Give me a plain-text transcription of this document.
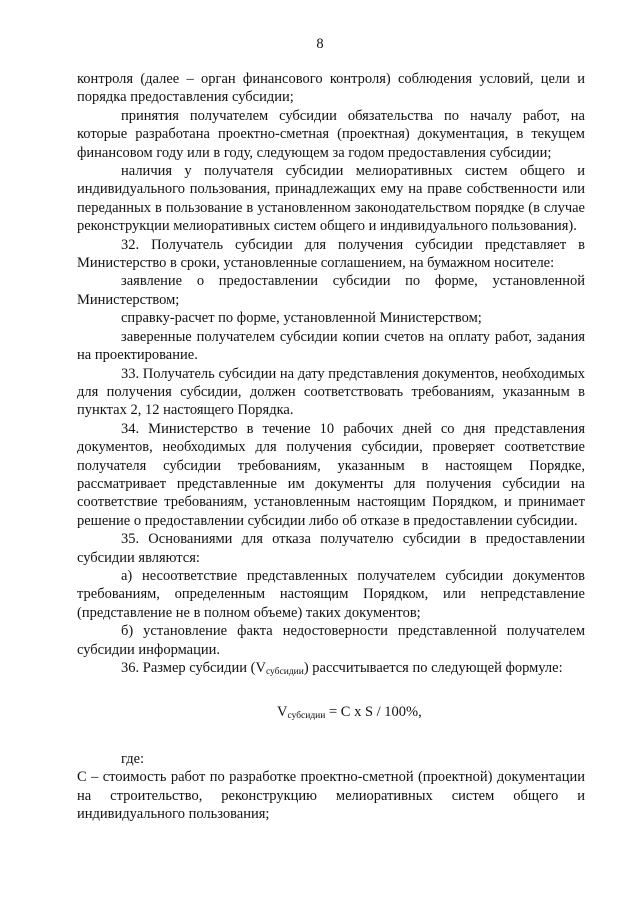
8

контроля (далее – орган финансового контроля) соблюдения условий, цели и порядка предоставления субсидии;

принятия получателем субсидии обязательства по началу работ, на которые разработана проектно-сметная (проектная) документация, в текущем финансовом году или в году, следующем за годом предоставления субсидии;

наличия у получателя субсидии мелиоративных систем общего и индивидуального пользования, принадлежащих ему на праве собственности или переданных в пользование в установленном законодательством порядке (в случае реконструкции мелиоративных систем общего и индивидуального пользования).

32. Получатель субсидии для получения субсидии представляет в Министерство в сроки, установленные соглашением, на бумажном носителе:

заявление о предоставлении субсидии по форме, установленной Министерством;

справку-расчет по форме, установленной Министерством;

заверенные получателем субсидии копии счетов на оплату работ, задания на проектирование.

33. Получатель субсидии на дату представления документов, необходимых для получения субсидии, должен соответствовать требованиям, указанным в пунктах 2, 12 настоящего Порядка.

34. Министерство в течение 10 рабочих дней со дня представления документов, необходимых для получения субсидии, проверяет соответствие получателя субсидии требованиям, указанным в настоящем Порядке, рассматривает представленные им документы для получения субсидии на соответствие требованиям, установленным настоящим Порядком, и принимает решение о предоставлении субсидии либо об отказе в предоставлении субсидии.

35. Основаниями для отказа получателю субсидии в предоставлении субсидии являются:

а) несоответствие представленных получателем субсидии документов требованиям, определенным настоящим Порядком, или непредставление (представление не в полном объеме) таких документов;

б) установление факта недостоверности представленной получателем субсидии информации.

36. Размер субсидии $(V_{субсидии})$ рассчитывается по следующей формуле:

$V_{субсидии} = C$ x S / 100%,

где:

С – стоимость работ по разработке проектно-сметной (проектной) документации на строительство, реконструкцию мелиоративных систем общего и индивидуального пользования;
